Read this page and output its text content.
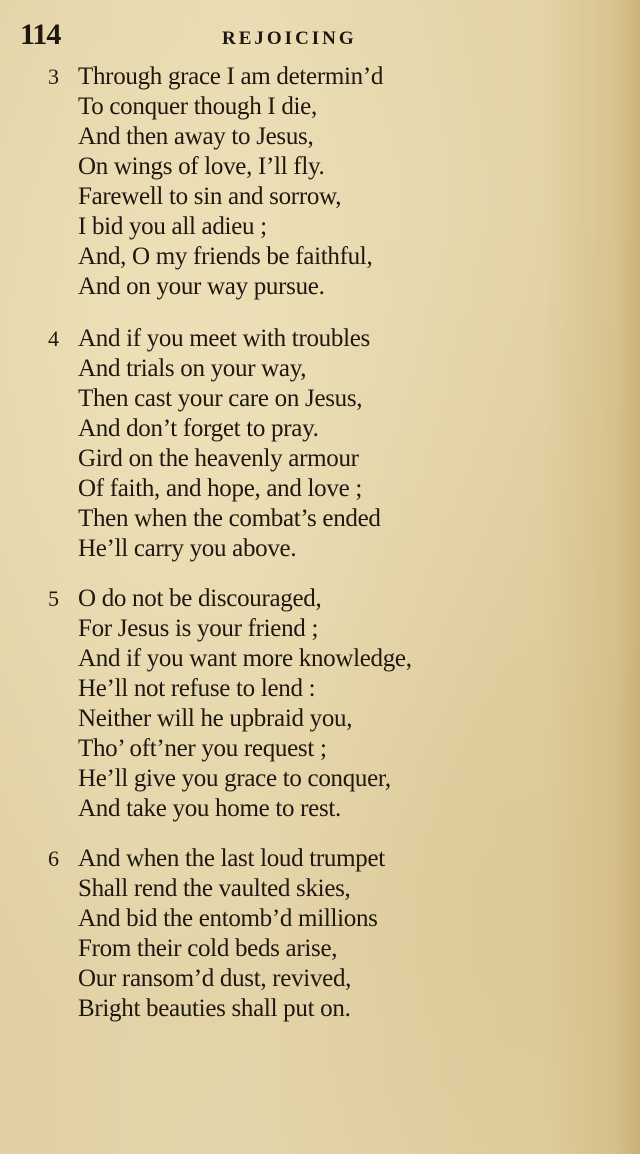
114	REJOICING
3 Through grace I am determin’d
To conquer though I die,
And then away to Jesus,
On wings of love, I’ll fly.
Farewell to sin and sorrow,
I bid you all adieu ;
And, O my friends be faithful,
And on your way pursue.
4 And if you meet with troubles
And trials on your way,
Then cast your care on Jesus,
And don’t forget to pray.
Gird on the heavenly armour
Of faith, and hope, and love ;
Then when the combat’s ended
He’ll carry you above.
5 O do not be discouraged,
For Jesus is your friend ;
And if you want more knowledge,
He’ll not refuse to lend :
Neither will he upbraid you,
Tho’ oft’ner you request ;
He’ll give you grace to conquer,
And take you home to rest.
6 And when the last loud trumpet
Shall rend the vaulted skies,
And bid the entomb’d millions
From their cold beds arise,
Our ransom’d dust, revived,
Bright beauties shall put on.
